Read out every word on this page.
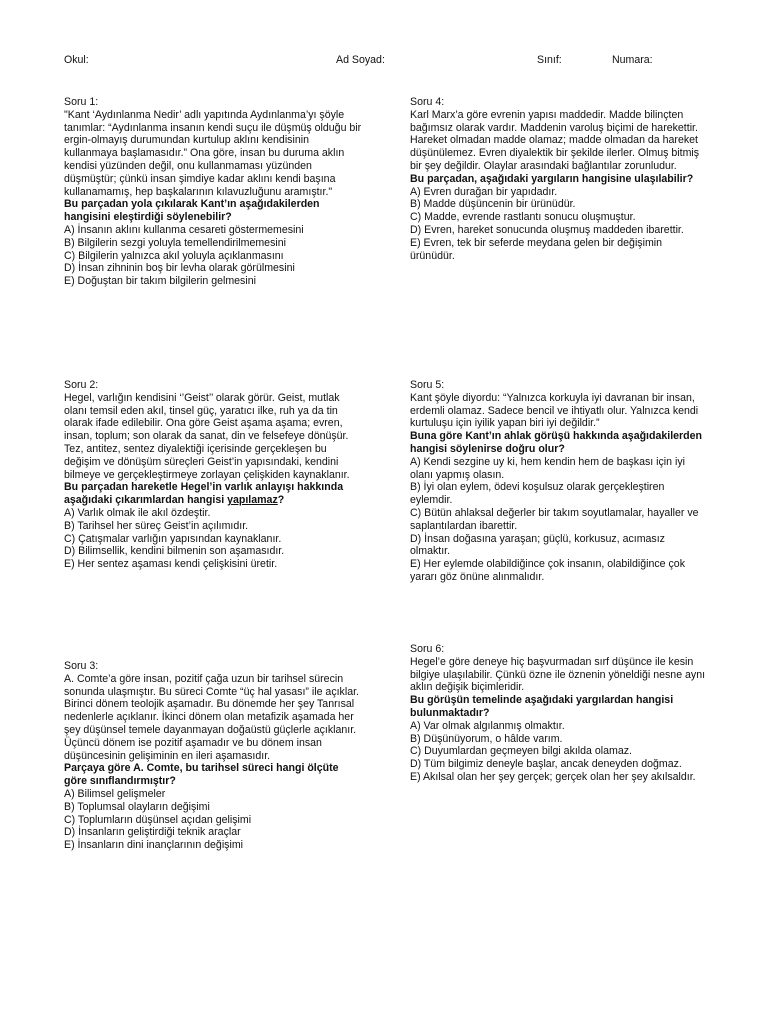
Okul:	Ad Soyad:	Sınıf:	Numara:

Soru 1:

"Kant ‘Aydınlanma Nedir’ adlı yapıtında Aydınlanma’yı şöyle tanımlar: “Aydınlanma insanın kendi suçu ile düşmüş olduğu bir ergin-olmayış durumundan kurtulup aklını kendisinin kullanmaya başlamasıdır.” Ona göre, insan bu duruma aklın kendisi yüzünden değil, onu kullanmaması yüzünden düşmüştür; çünkü insan şimdiye kadar aklını kendi başına kullanamamış, hep başkalarının kılavuzluğunu aramıştır."

Bu parçadan yola çıkılarak Kant’ın aşağıdakilerden hangisini eleştirdiği söylenebilir?

A) İnsanın aklını kullanma cesareti göstermemesini

B) Bilgilerin sezgi yoluyla temellendirilmemesini

C) Bilgilerin yalnızca akıl yoluyla açıklanmasını

D) İnsan zihninin boş bir levha olarak görülmesini

E) Doğuştan bir takım bilgilerin gelmesini

Soru 2:

Hegel, varlığın kendisini ‘’Geist’’ olarak görür. Geist, mutlak olanı temsil eden akıl, tinsel güç, yaratıcı ilke, ruh ya da tin olarak ifade edilebilir. Ona göre Geist aşama aşama; evren, insan, toplum; son olarak da sanat, din ve felsefeye dönüşür. Tez, antitez, sentez diyalektiği içerisinde gerçekleşen bu değişim ve dönüşüm süreçleri Geist’in yapısındaki, kendini bilmeye ve gerçekleştirmeye zorlayan çelişkiden kaynaklanır.

Bu parçadan hareketle Hegel’in varlık anlayışı hakkında aşağıdaki çıkarımlardan hangisi yapılamaz?

A) Varlık olmak ile akıl özdeştir.

B) Tarihsel her süreç Geist’in açılımıdır.

C) Çatışmalar varlığın yapısından kaynaklanır.

D) Bilimsellik, kendini bilmenin son aşamasıdır.

E) Her sentez aşaması kendi çelişkisini üretir.

Soru 3:

A. Comte’a göre insan, pozitif çağa uzun bir tarihsel sürecin sonunda ulaşmıştır. Bu süreci Comte “üç hal yasası” ile açıklar. Birinci dönem teolojik aşamadır. Bu dönemde her şey Tanrısal nedenlerle açıklanır. İkinci dönem olan metafizik aşamada her şey düşünsel temele dayanmayan doğaüstü güçlerle açıklanır. Üçüncü dönem ise pozitif aşamadır ve bu dönem insan düşüncesinin gelişiminin en ileri aşamasıdır.

Parçaya göre A. Comte, bu tarihsel süreci hangi ölçüte göre sınıflandırmıştır?

A) Bilimsel gelişmeler

B) Toplumsal olayların değişimi

C) Toplumların düşünsel açıdan gelişimi

D) İnsanların geliştirdiği teknik araçlar

E) İnsanların dini inançlarının değişimi

Soru 4:

Karl Marx’a göre evrenin yapısı maddedir. Madde bilinçten bağımsız olarak vardır. Maddenin varoluş biçimi de harekettir. Hareket olmadan madde olamaz; madde olmadan da hareket düşünülemez. Evren diyalektik bir şekilde ilerler. Olmuş bitmiş bir şey değildir. Olaylar arasındaki bağlantılar zorunludur.

Bu parçadan, aşağıdaki yargıların hangisine ulaşılabilir?

A) Evren durağan bir yapıdadır.

B) Madde düşüncenin bir ürünüdür.

C) Madde, evrende rastlantı sonucu oluşmuştur.

D) Evren, hareket sonucunda oluşmuş maddeden ibarettir.

E) Evren, tek bir seferde meydana gelen bir değişimin ürünüdür.

Soru 5:

Kant şöyle diyordu: “Yalnızca korkuyla iyi davranan bir insan, erdemli olamaz. Sadece bencil ve ihtiyatlı olur. Yalnızca kendi kurtuluşu için iyilik yapan biri iyi değildir.”

Buna göre Kant’ın ahlak görüşü hakkında aşağıdakilerden hangisi söylenirse doğru olur?

A) Kendi sezgine uy ki, hem kendin hem de başkası için iyi olanı yapmış olasın.

B) İyi olan eylem, ödevi koşulsuz olarak gerçekleştiren eylemdir.

C) Bütün ahlaksal değerler bir takım soyutlamalar, hayaller ve saplantılardan ibarettir.

D) İnsan doğasına yaraşan; güçlü, korkusuz, acımasız olmaktır.

E) Her eylemde olabildiğince çok insanın, olabildiğince çok yararı göz önüne alınmalıdır.

Soru 6:

Hegel’e göre deneye hiç başvurmadan sırf düşünce ile kesin bilgiye ulaşılabilir. Çünkü özne ile öznenin yöneldiği nesne aynı aklın değişik biçimleridir.

Bu görüşün temelinde aşağıdaki yargılardan hangisi bulunmaktadır?

A) Var olmak algılanmış olmaktır.

B) Düşünüyorum, o hâlde varım.

C) Duyumlardan geçmeyen bilgi akılda olamaz.

D) Tüm bilgimiz deneyle başlar, ancak deneyden doğmaz.

E) Akılsal olan her şey gerçek; gerçek olan her şey akılsaldır.
